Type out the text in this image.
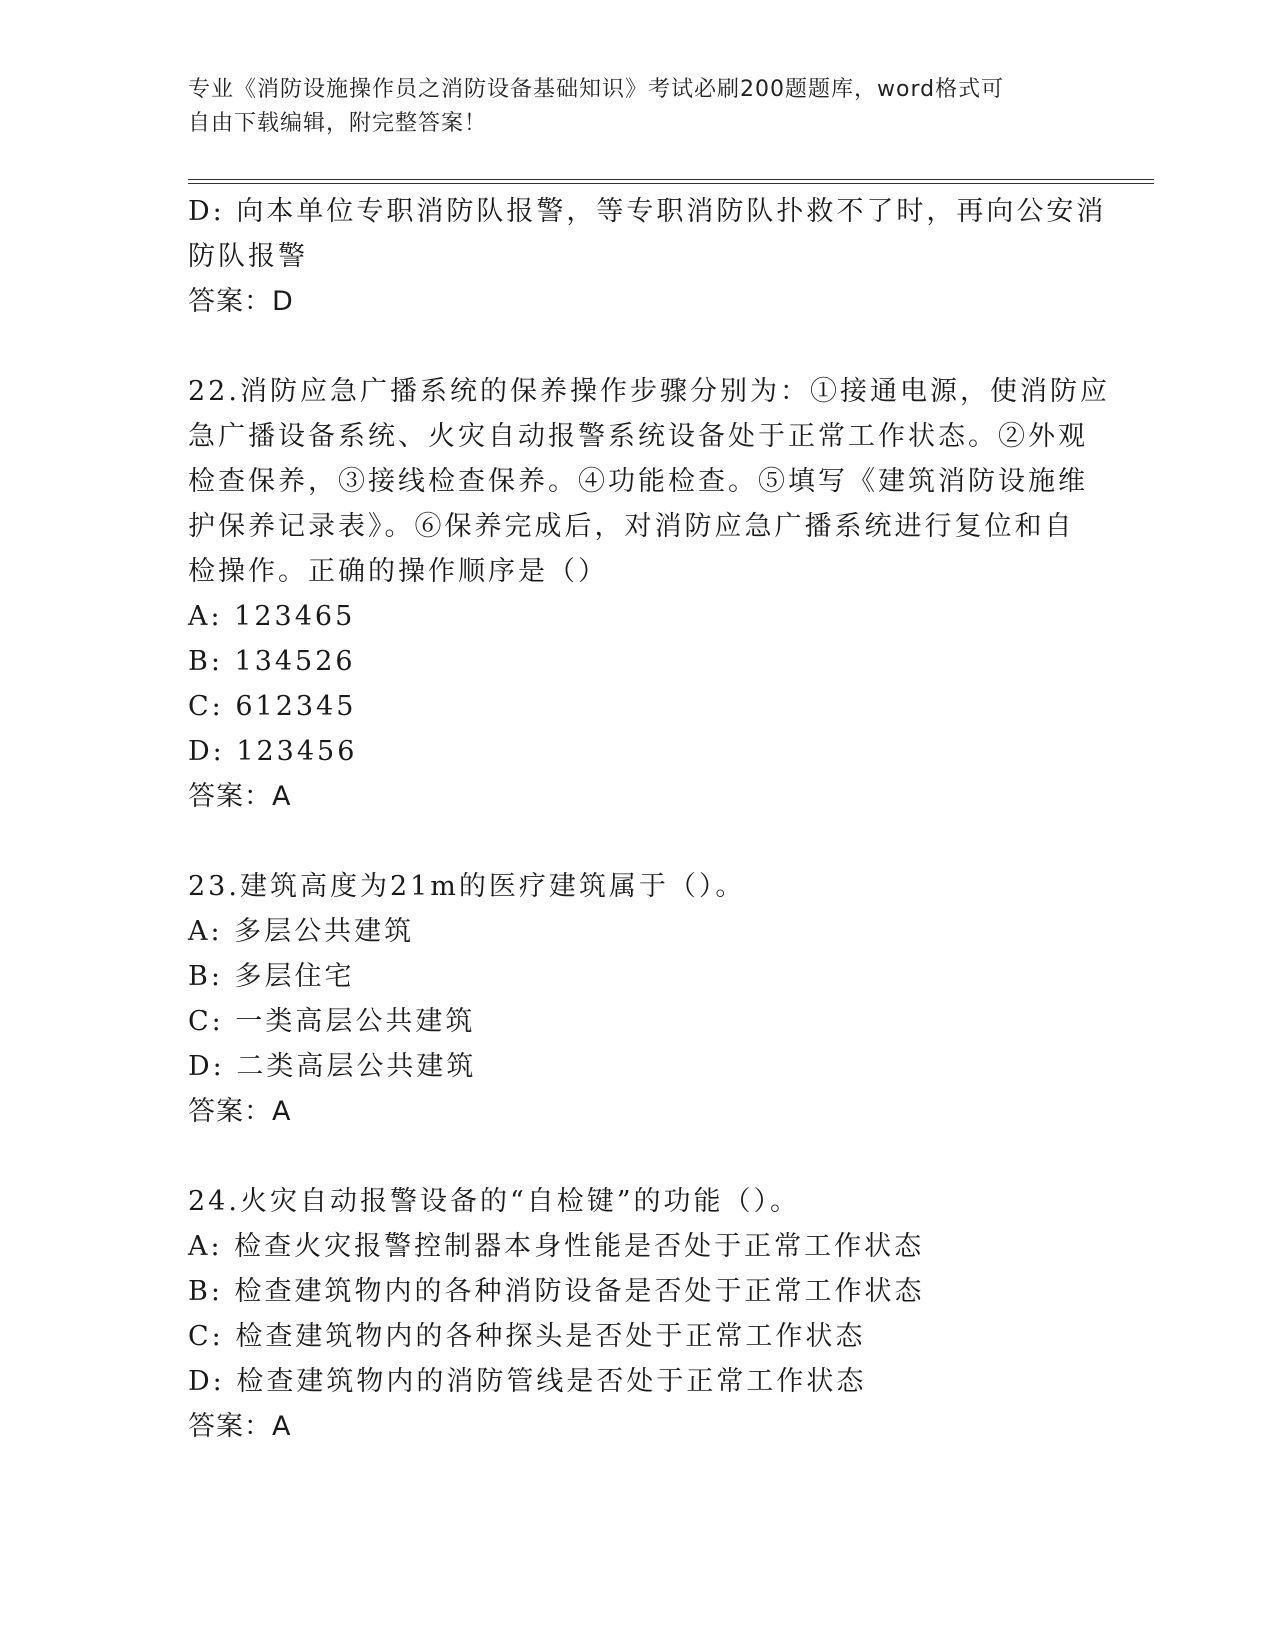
专业《消防设施操作员之消防设备基础知识》考试必刷200题题库，word格式可
自由下载编辑，附完整答案！
D: 向本单位专职消防队报警，等专职消防队扑救不了时，再向公安消
防队报警
答案：D
22.消防应急广播系统的保养操作步骤分别为：①接通电源，使消防应
急广播设备系统、火灾自动报警系统设备处于正常工作状态。②外观
检查保养，③接线检查保养。④功能检查。⑤填写《建筑消防设施维
护保养记录表》。⑥保养完成后，对消防应急广播系统进行复位和自
检操作。正确的操作顺序是（）
A: 123465
B: 134526
C: 612345
D: 123456
答案：A
23.建筑高度为21m的医疗建筑属于（）。
A: 多层公共建筑
B: 多层住宅
C: 一类高层公共建筑
D: 二类高层公共建筑
答案：A
24.火灾自动报警设备的“自检键”的功能（）。
A: 检查火灾报警控制器本身性能是否处于正常工作状态
B: 检查建筑物内的各种消防设备是否处于正常工作状态
C: 检查建筑物内的各种探头是否处于正常工作状态
D: 检查建筑物内的消防管线是否处于正常工作状态
答案：A
